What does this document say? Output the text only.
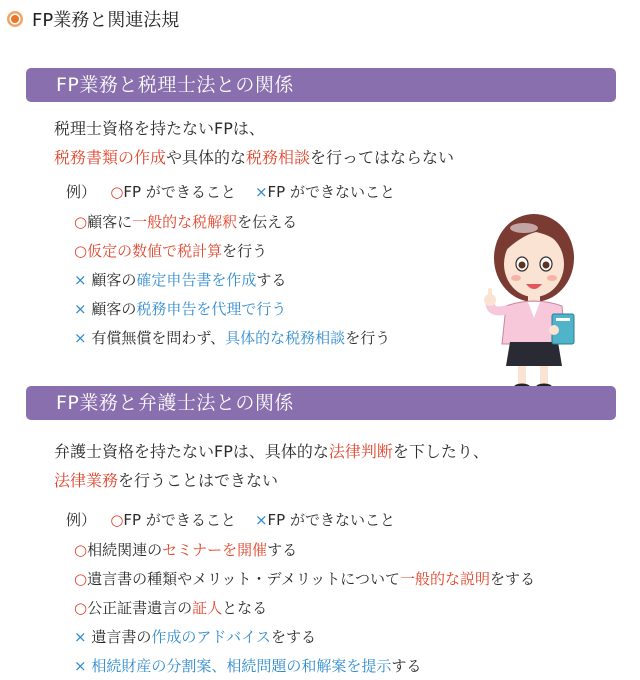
FP業務と関連法規
FP業務と税理士法との関係
税理士資格を持たないFPは、
税務書類の作成や具体的な税務相談を行ってはならない
例） ○FP ができること ×FP ができないこと
○顧客に一般的な税解釈を伝える
○仮定の数値で税計算を行う
× 顧客の確定申告書を作成する
× 顧客の税務申告を代理で行う
× 有償無償を問わず、具体的な税務相談を行う
FP業務と弁護士法との関係
弁護士資格を持たないFPは、具体的な法律判断を下したり、
法律業務を行うことはできない
例） ○FP ができること ×FP ができないこと
○相続関連のセミナーを開催する
○遺言書の種類やメリット・デメリットについて一般的な説明をする
○公正証書遺言の証人となる
× 遺言書の作成のアドバイスをする
× 相続財産の分割案、相続問題の和解案を提示する
